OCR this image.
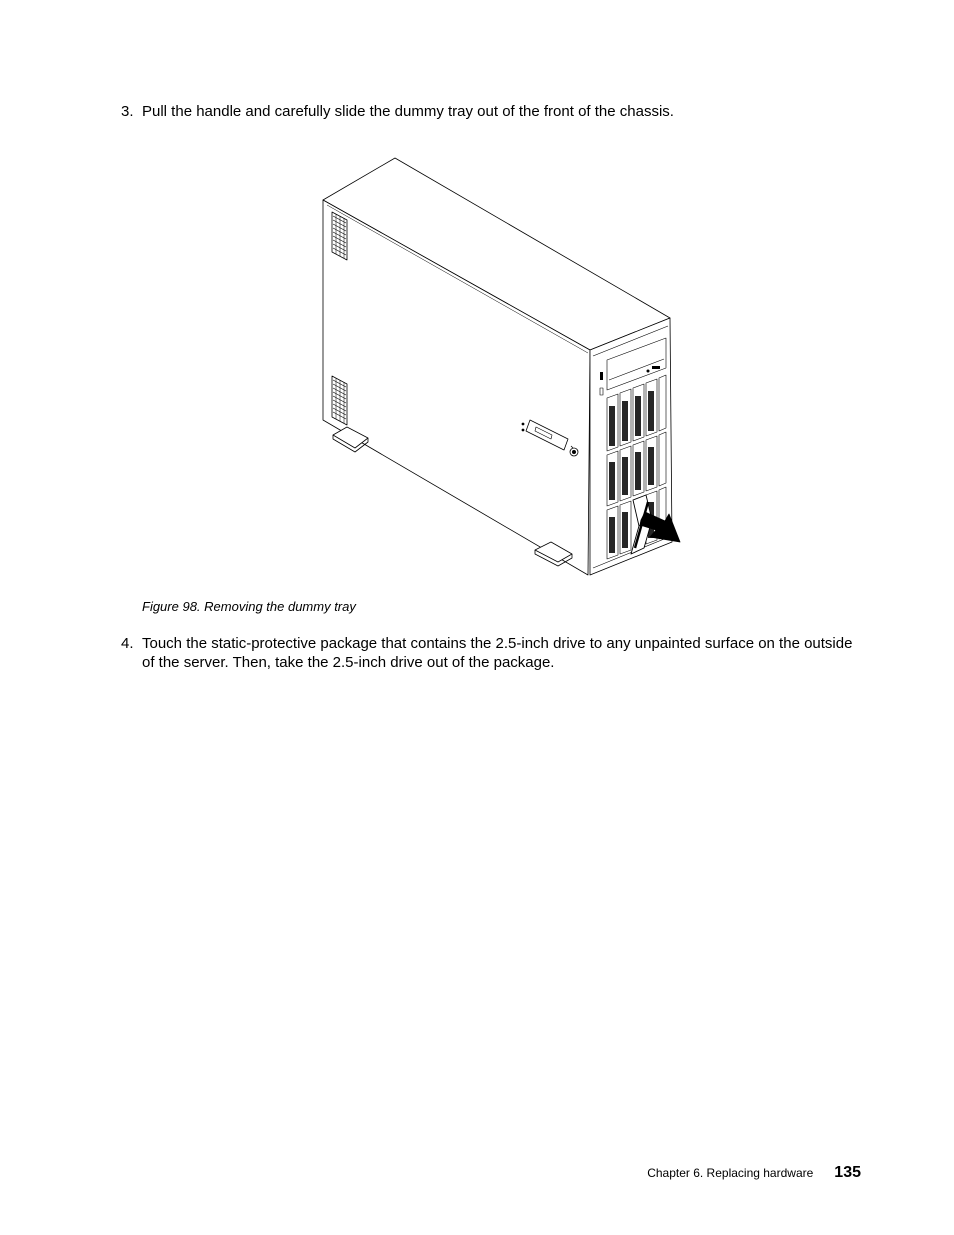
3. Pull the handle and carefully slide the dummy tray out of the front of the chassis.
Figure 98. Removing the dummy tray
4. Touch the static-protective package that contains the 2.5-inch drive to any unpainted surface on the outside of the server. Then, take the 2.5-inch drive out of the package.
Chapter 6. Replacing hardware 135
